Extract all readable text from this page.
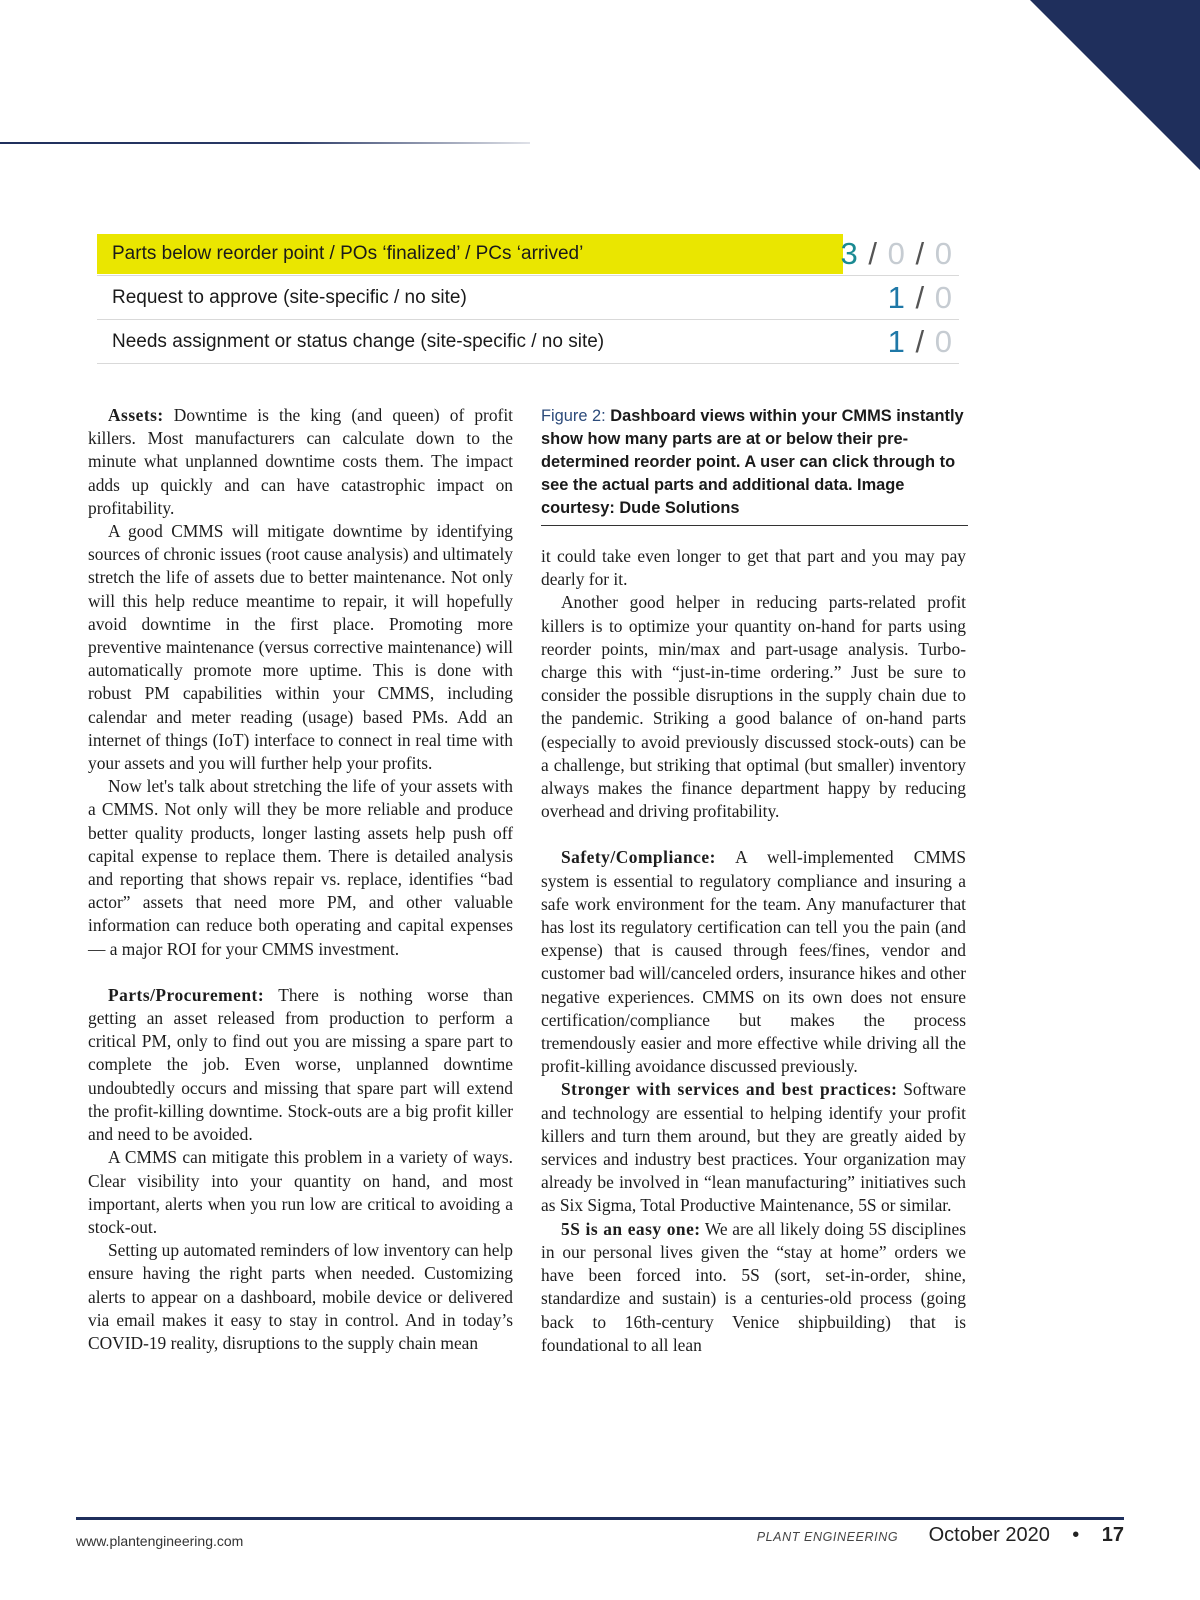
Parts below reorder point / POs ‘finalized’ / PCs ‘arrived’	3 / 0 / 0
Request to approve (site-specific / no site)	1 / 0
Needs assignment or status change (site-specific / no site)	1 / 0

Assets: Downtime is the king (and queen) of profit killers. Most manufacturers can calculate down to the minute what unplanned downtime costs them. The impact adds up quickly and can have catastrophic impact on profitability.

A good CMMS will mitigate downtime by identifying sources of chronic issues (root cause analysis) and ultimately stretch the life of assets due to better maintenance. Not only will this help reduce meantime to repair, it will hopefully avoid downtime in the first place. Promoting more preventive maintenance (versus corrective maintenance) will automatically promote more uptime. This is done with robust PM capabilities within your CMMS, including calendar and meter reading (usage) based PMs. Add an internet of things (IoT) interface to connect in real time with your assets and you will further help your profits.

Now let's talk about stretching the life of your assets with a CMMS. Not only will they be more reliable and produce better quality products, longer lasting assets help push off capital expense to replace them. There is detailed analysis and reporting that shows repair vs. replace, identifies “bad actor” assets that need more PM, and other valuable information can reduce both operating and capital expenses — a major ROI for your CMMS investment.

Parts/Procurement: There is nothing worse than getting an asset released from production to perform a critical PM, only to find out you are missing a spare part to complete the job. Even worse, unplanned downtime undoubtedly occurs and missing that spare part will extend the profit-killing downtime. Stock-outs are a big profit killer and need to be avoided.

A CMMS can mitigate this problem in a variety of ways. Clear visibility into your quantity on hand, and most important, alerts when you run low are critical to avoiding a stock-out.

Setting up automated reminders of low inventory can help ensure having the right parts when needed. Customizing alerts to appear on a dashboard, mobile device or delivered via email makes it easy to stay in control. And in today’s COVID-19 reality, disruptions to the supply chain mean

Figure 2: Dashboard views within your CMMS instantly show how many parts are at or below their pre-determined reorder point. A user can click through to see the actual parts and additional data. Image courtesy: Dude Solutions

it could take even longer to get that part and you may pay dearly for it.

Another good helper in reducing parts-related profit killers is to optimize your quantity on-hand for parts using reorder points, min/max and part-usage analysis. Turbo-charge this with “just-in-time ordering.” Just be sure to consider the possible disruptions in the supply chain due to the pandemic. Striking a good balance of on-hand parts (especially to avoid previously discussed stock-outs) can be a challenge, but striking that optimal (but smaller) inventory always makes the finance department happy by reducing overhead and driving profitability.

Safety/Compliance: A well-implemented CMMS system is essential to regulatory compliance and insuring a safe work environment for the team. Any manufacturer that has lost its regulatory certification can tell you the pain (and expense) that is caused through fees/fines, vendor and customer bad will/canceled orders, insurance hikes and other negative experiences. CMMS on its own does not ensure certification/compliance but makes the process tremendously easier and more effective while driving all the profit-killing avoidance discussed previously.

Stronger with services and best practices: Software and technology are essential to helping identify your profit killers and turn them around, but they are greatly aided by services and industry best practices. Your organization may already be involved in “lean manufacturing” initiatives such as Six Sigma, Total Productive Maintenance, 5S or similar.

5S is an easy one: We are all likely doing 5S disciplines in our personal lives given the “stay at home” orders we have been forced into. 5S (sort, set-in-order, shine, standardize and sustain) is a centuries-old process (going back to 16th-century Venice shipbuilding) that is foundational to all lean

www.plantengineering.com	PLANT ENGINEERING October 2020 • 17
